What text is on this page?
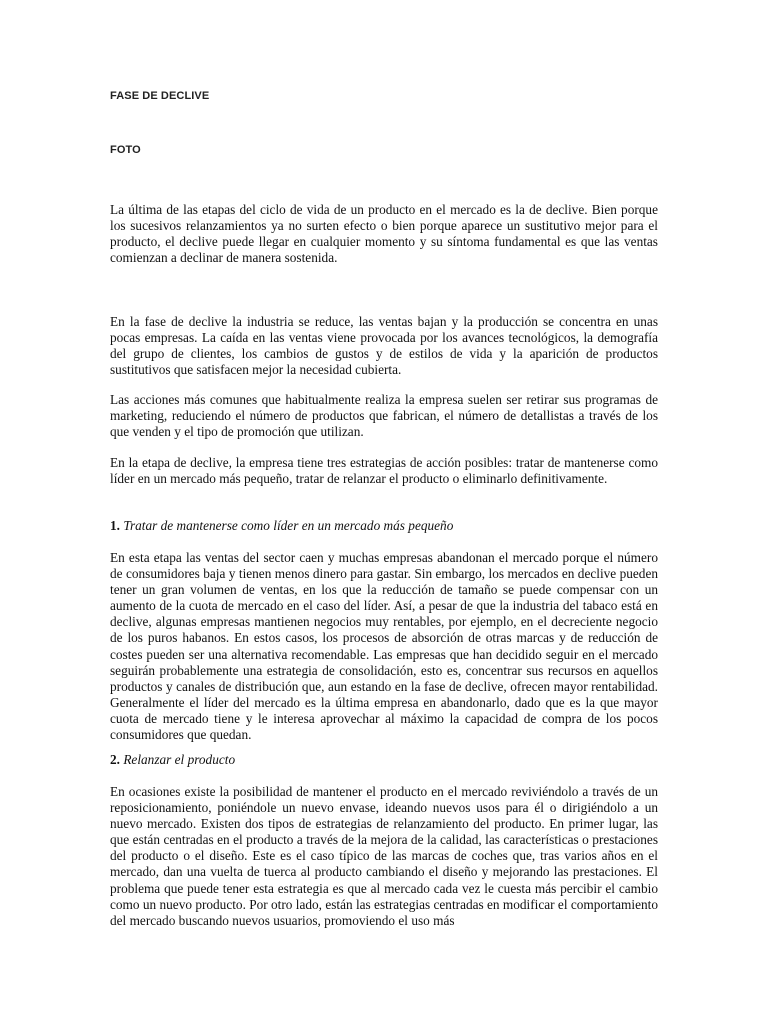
FASE DE DECLIVE
FOTO

La última de las etapas del ciclo de vida de un producto en el mercado es la de declive. Bien porque los sucesivos relanzamientos ya no surten efecto o bien porque aparece un sustitutivo mejor para el producto, el declive puede llegar en cualquier momento y su síntoma fundamental es que las ventas comienzan a declinar de manera sostenida.

En la fase de declive la industria se reduce, las ventas bajan y la producción se concentra en unas pocas empresas. La caída en las ventas viene provocada por los avances tecnológicos, la demografía del grupo de clientes, los cambios de gustos y de estilos de vida y la aparición de productos sustitutivos que satisfacen mejor la necesidad cubierta.

Las acciones más comunes que habitualmente realiza la empresa suelen ser retirar sus programas de marketing, reduciendo el número de productos que fabrican, el número de detallistas a través de los que venden y el tipo de promoción que utilizan.

En la etapa de declive, la empresa tiene tres estrategias de acción posibles: tratar de mantenerse como líder en un mercado más pequeño, tratar de relanzar el producto o eliminarlo definitivamente.

1. Tratar de mantenerse como líder en un mercado más pequeño

En esta etapa las ventas del sector caen y muchas empresas abandonan el mercado porque el número de consumidores baja y tienen menos dinero para gastar. Sin embargo, los mercados en declive pueden tener un gran volumen de ventas, en los que la reducción de tamaño se puede compensar con un aumento de la cuota de mercado en el caso del líder. Así, a pesar de que la industria del tabaco está en declive, algunas empresas mantienen negocios muy rentables, por ejemplo, en el decreciente negocio de los puros habanos. En estos casos, los procesos de absorción de otras marcas y de reducción de costes pueden ser una alternativa recomendable. Las empresas que han decidido seguir en el mercado seguirán probablemente una estrategia de consolidación, esto es, concentrar sus recursos en aquellos productos y canales de distribución que, aun estando en la fase de declive, ofrecen mayor rentabilidad. Generalmente el líder del mercado es la última empresa en abandonarlo, dado que es la que mayor cuota de mercado tiene y le interesa aprovechar al máximo la capacidad de compra de los pocos consumidores que quedan.

2. Relanzar el producto

En ocasiones existe la posibilidad de mantener el producto en el mercado reviviéndolo a través de un reposicionamiento, poniéndole un nuevo envase, ideando nuevos usos para él o dirigiéndolo a un nuevo mercado. Existen dos tipos de estrategias de relanzamiento del producto. En primer lugar, las que están centradas en el producto a través de la mejora de la calidad, las características o prestaciones del producto o el diseño. Este es el caso típico de las marcas de coches que, tras varios años en el mercado, dan una vuelta de tuerca al producto cambiando el diseño y mejorando las prestaciones. El problema que puede tener esta estrategia es que al mercado cada vez le cuesta más percibir el cambio como un nuevo producto. Por otro lado, están las estrategias centradas en modificar el comportamiento del mercado buscando nuevos usuarios, promoviendo el uso más
